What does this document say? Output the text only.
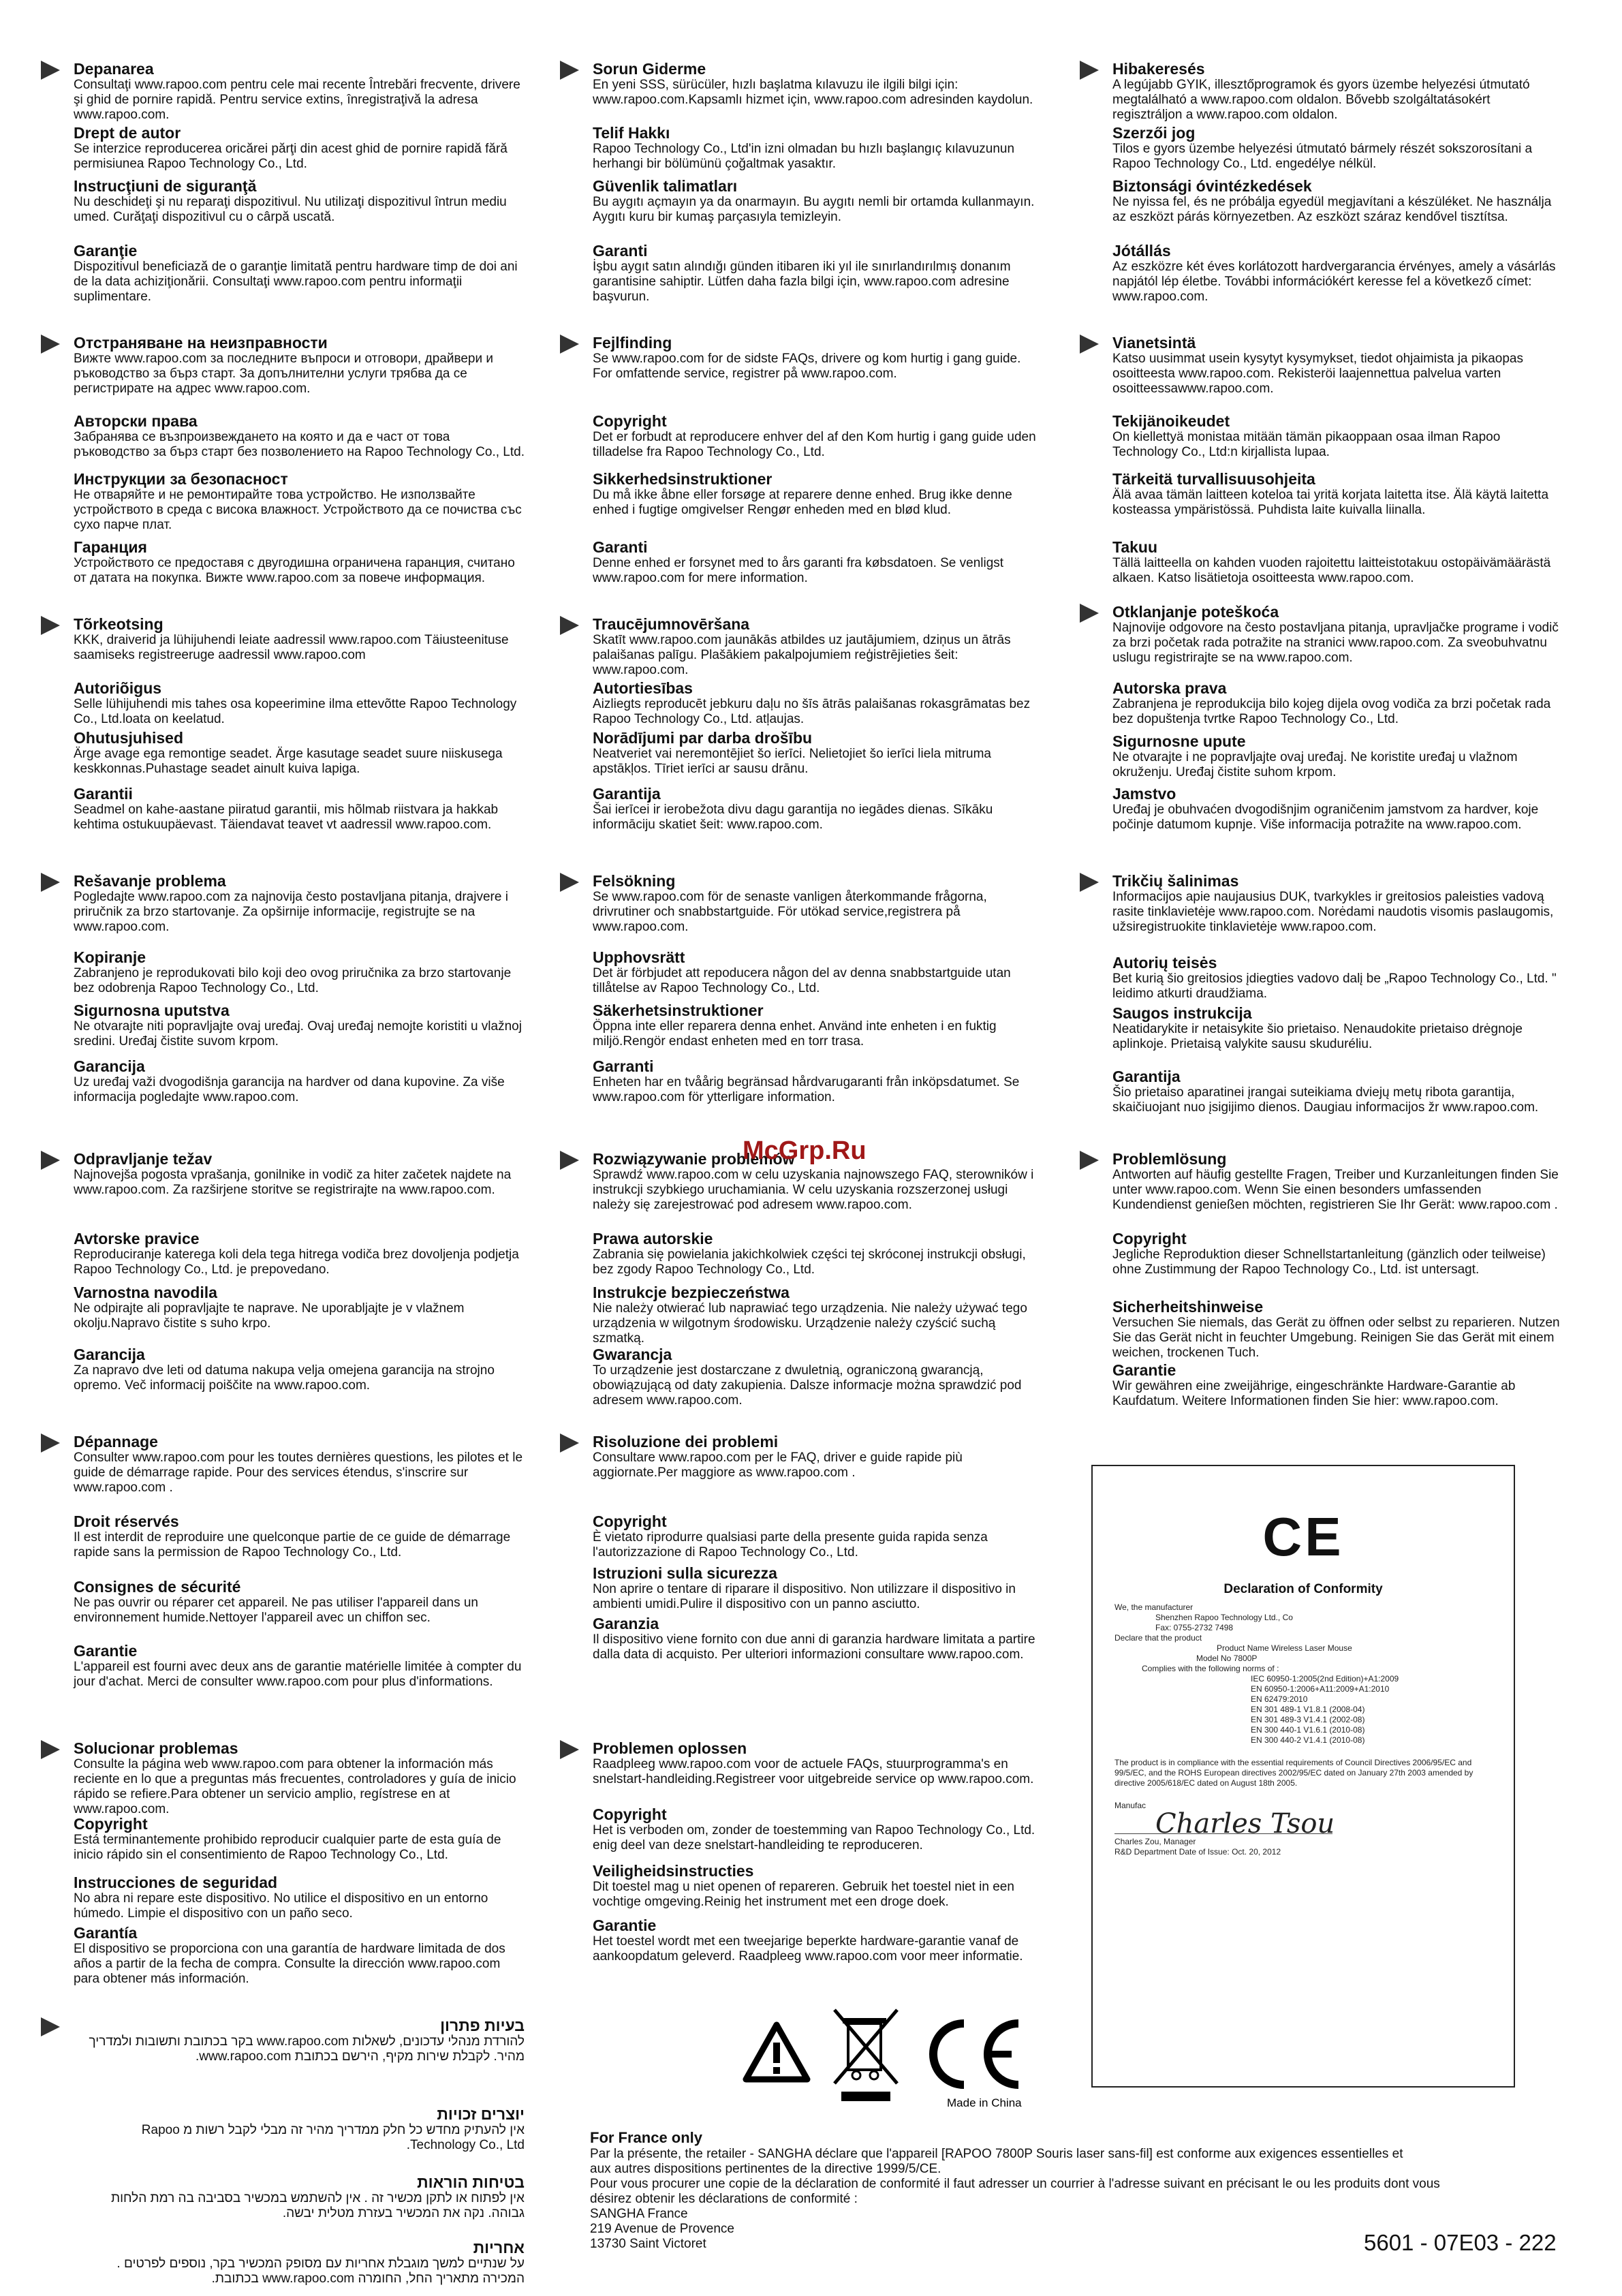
Depanarea

Consultaţi www.rapoo.com pentru cele mai recente Întrebări frecvente, drivere şi ghid de pornire rapidă. Pentru service extins, înregistraţivă la adresa www.rapoo.com.

Drept de autor

Se interzice reproducerea oricărei părţi din acest ghid de pornire rapidă fără permisiunea Rapoo Technology Co., Ltd.

Instrucţiuni de siguranţă

Nu deschideţi şi nu reparaţi dispozitivul. Nu utilizaţi dispozitivul întrun mediu umed. Curăţaţi dispozitivul cu o cârpă uscată.

Garanţie

Dispozitivul beneficiază de o garanţie limitată pentru hardware timp de doi ani de la data achiziţionării. Consultaţi www.rapoo.com pentru informaţii suplimentare.

Отстраняване на неизправности

Вижте www.rapoo.com за последните въпроси и отговори, драйвери и ръководство за бърз старт. За допълнителни услуги трябва да се регистрирате на адрес www.rapoo.com.

Авторски права

Забранява се възпроизвеждането на която и да е част от това ръководство за бърз старт без позволението на Rapoo Technology Co., Ltd.

Инструкции за безопасност

Не отваряйте и не ремонтирайте това устройство. Не използвайте устройството в среда с висока влажност. Устройството да се почиства със сухо парче плат.

Гаранция

Устройството се предоставя с двугодишна ограничена гаранция, считано от датата на покупка. Вижте www.rapoo.com за повече информация.

Tõrkeotsing

KKK, draiverid ja lühijuhendi leiate aadressil www.rapoo.com Täiusteenituse saamiseks registreeruge aadressil www.rapoo.com

Autoriõigus

Selle lühijuhendi mis tahes osa kopeerimine ilma ettevõtte Rapoo Technology Co., Ltd.loata on keelatud.

Ohutusjuhised

Ärge avage ega remontige seadet. Ärge kasutage seadet suure niiskusega keskkonnas.Puhastage seadet ainult kuiva lapiga.

Garantii

Seadmel on kahe-aastane piiratud garantii, mis hõlmab riistvara ja hakkab kehtima ostukuupäevast. Täiendavat teavet vt aadressil www.rapoo.com.

Rešavanje problema

Pogledajte www.rapoo.com za najnovija često postavljana pitanja, drajvere i priručnik za brzo startovanje. Za opširnije informacije, registrujte se na www.rapoo.com.

Kopiranje

Zabranjeno je reprodukovati bilo koji deo ovog priručnika za brzo startovanje bez odobrenja Rapoo Technology Co., Ltd.

Sigurnosna uputstva

Ne otvarajte niti popravljajte ovaj uređaj. Ovaj uređaj nemojte koristiti u vlažnoj sredini. Uređaj čistite suvom krpom.

Garancija

Uz uređaj važi dvogodišnja garancija na hardver od dana kupovine. Za više informacija pogledajte www.rapoo.com.

Odpravljanje težav

Najnovejša pogosta vprašanja, gonilnike in vodič za hiter začetek najdete na www.rapoo.com. Za razširjene storitve se registrirajte na www.rapoo.com.

Avtorske pravice

Reproduciranje katerega koli dela tega hitrega vodiča brez dovoljenja podjetja Rapoo Technology Co., Ltd. je prepovedano.

Varnostna navodila

Ne odpirajte ali popravljajte te naprave. Ne uporabljajte je v vlažnem okolju.Napravo čistite s suho krpo.

Garancija

Za napravo dve leti od datuma nakupa velja omejena garancija na strojno opremo. Več informacij poiščite na www.rapoo.com.

Dépannage

Consulter www.rapoo.com pour les toutes dernières questions, les pilotes et le guide de démarrage rapide. Pour des services étendus, s'inscrire sur www.rapoo.com .

Droit réservés

Il est interdit de reproduire une quelconque partie de ce guide de démarrage rapide sans la permission de Rapoo Technology Co., Ltd.

Consignes de sécurité

Ne pas ouvrir ou réparer cet appareil. Ne pas utiliser l'appareil dans un environnement humide.Nettoyer l'appareil avec un chiffon sec.

Garantie

L'appareil est fourni avec deux ans de garantie matérielle limitée à compter du jour d'achat. Merci de consulter www.rapoo.com pour plus d'informations.

Solucionar problemas

Consulte la página web www.rapoo.com para obtener la información más reciente en lo que a preguntas más frecuentes, controladores y guía de inicio rápido se refiere.Para obtener un servicio amplio, regístrese en at www.rapoo.com.

Copyright

Está terminantemente prohibido reproducir cualquier parte de esta guía de inicio rápido sin el consentimiento de Rapoo Technology Co., Ltd.

Instrucciones de seguridad

No abra ni repare este dispositivo. No utilice el dispositivo en un entorno húmedo. Limpie el dispositivo con un paño seco.

Garantía

El dispositivo se proporciona con una garantía de hardware limitada de dos años a partir de la fecha de compra. Consulte la dirección www.rapoo.com para obtener más información.

בעיות פתרון

להורדת מנהלי עדכונים, לשאלות www.rapoo.com בקר בכתובת ותשובות ולמדריך מהיר. לקבלת שירות מקיף, הירשם בכתובת www.rapoo.com.

יוצרים זכויות

אין להעתיק מחדש כל חלק ממדריך מהיר זה מבלי לקבל רשות מ Rapoo Technology Co., Ltd.

בטיחות הוראות

אין לפתוח או לתקן מכשיר זה . אין להשתמש במכשיר בסביבה בה רמת הלחות גבוהה. נקה את המכשיר בעזרת מטלית יבשה.

אחריות

על שנתיים למשך מוגבלת אחריות עם מסופק המכשיר בקר, נוספים לפרטים . המכירה מתאריך החל, החומרה www.rapoo.com בכתובת.

Sorun Giderme

En yeni SSS, sürücüler, hızlı başlatma kılavuzu ile ilgili bilgi için: www.rapoo.com.Kapsamlı hizmet için, www.rapoo.com adresinden kaydolun.

Telif Hakkı

Rapoo Technology Co., Ltd'in izni olmadan bu hızlı başlangıç kılavuzunun herhangi bir bölümünü çoğaltmak yasaktır.

Güvenlik talimatları

Bu aygıtı açmayın ya da onarmayın. Bu aygıtı nemli bir ortamda kullanmayın. Aygıtı kuru bir kumaş parçasıyla temizleyin.

Garanti

İşbu aygıt satın alındığı günden itibaren iki yıl ile sınırlandırılmış donanım garantisine sahiptir. Lütfen daha fazla bilgi için, www.rapoo.com adresine başvurun.

Fejlfinding

Se www.rapoo.com for de sidste FAQs, drivere og kom hurtig i gang guide. For omfattende service, registrer på www.rapoo.com.

Copyright

Det er forbudt at reproducere enhver del af den Kom hurtig i gang guide uden tilladelse fra Rapoo Technology Co., Ltd.

Sikkerhedsinstruktioner

Du må ikke åbne eller forsøge at reparere denne enhed. Brug ikke denne enhed i fugtige omgivelser Rengør enheden med en blød klud.

Garanti

Denne enhed er forsynet med to års garanti fra købsdatoen. Se venligst www.rapoo.com for mere information.

Traucējumnovēršana

Skatīt www.rapoo.com jaunākās atbildes uz jautājumiem, dziņus un ātrās palaišanas palīgu. Plašākiem pakalpojumiem reģistrējieties šeit: www.rapoo.com.

Autortiesības

Aizliegts reproducēt jebkuru daļu no šīs ātrās palaišanas rokasgrāmatas bez Rapoo Technology Co., Ltd. atļaujas.

Norādījumi par darba drošību

Neatveriet vai neremontējiet šo ierīci. Nelietojiet šo ierīci liela mitruma apstākļos. Tīriet ierīci ar sausu drānu.

Garantija

Šai ierīcei ir ierobežota divu dagu garantija no iegādes dienas. Sīkāku informāciju skatiet šeit: www.rapoo.com.

Felsökning

Se www.rapoo.com för de senaste vanligen återkommande frågorna, drivrutiner och snabbstartguide. För utökad service,registrera på www.rapoo.com.

Upphovsrätt

Det är förbjudet att repoducera någon del av denna snabbstartguide utan tillåtelse av Rapoo Technology Co., Ltd.

Säkerhetsinstruktioner

Öppna inte eller reparera denna enhet. Använd inte enheten i en fuktig miljö.Rengör endast enheten med en torr trasa.

Garranti

Enheten har en tvåårig begränsad hårdvarugaranti från inköpsdatumet. Se www.rapoo.com för ytterligare information.

Rozwiązywanie problemów

Sprawdź www.rapoo.com w celu uzyskania najnowszego FAQ, sterowników i instrukcji szybkiego uruchamiania. W celu uzyskania rozszerzonej usługi należy się zarejestrować pod adresem www.rapoo.com.

Prawa autorskie

Zabrania się powielania jakichkolwiek części tej skróconej instrukcji obsługi, bez zgody Rapoo Technology Co., Ltd.

Instrukcje bezpieczeństwa

Nie należy otwierać lub naprawiać tego urządzenia. Nie należy używać tego urządzenia w wilgotnym środowisku. Urządzenie należy czyścić suchą szmatką.

Gwarancja

To urządzenie jest dostarczane z dwuletnią, ograniczoną gwarancją, obowiązującą od daty zakupienia. Dalsze informacje można sprawdzić pod adresem www.rapoo.com.

Risoluzione dei problemi

Consultare www.rapoo.com per le FAQ, driver e guide rapide più aggiornate.Per maggiore as www.rapoo.com .

Copyright

È vietato riprodurre qualsiasi parte della presente guida rapida senza l'autorizzazione di Rapoo Technology Co., Ltd.

Istruzioni sulla sicurezza

Non aprire o tentare di riparare il dispositivo. Non utilizzare il dispositivo in ambienti umidi.Pulire il dispositivo con un panno asciutto.

Garanzia

Il dispositivo viene fornito con due anni di garanzia hardware limitata a partire dalla data di acquisto. Per ulteriori informazioni consultare www.rapoo.com.

Problemen oplossen

Raadpleeg www.rapoo.com voor de actuele FAQs, stuurprogramma's en snelstart-handleiding.Registreer voor uitgebreide service op www.rapoo.com.

Copyright

Het is verboden om, zonder de toestemming van Rapoo Technology Co., Ltd. enig deel van deze snelstart-handleiding te reproduceren.

Veiligheidsinstructies

Dit toestel mag u niet openen of repareren. Gebruik het toestel niet in een vochtige omgeving.Reinig het instrument met een droge doek.

Garantie

Het toestel wordt met een tweejarige beperkte hardware-garantie vanaf de aankoopdatum geleverd. Raadpleeg www.rapoo.com voor meer informatie.

Hibakeresés

A legújabb GYIK, illesztőprogramok és gyors üzembe helyezési útmutató megtalálható a www.rapoo.com oldalon. Bővebb szolgáltatásokért regisztráljon a www.rapoo.com oldalon.

Szerzői jog

Tilos e gyors üzembe helyezési útmutató bármely részét sokszorosítani a Rapoo Technology Co., Ltd. engedélye nélkül.

Biztonsági óvintézkedések

Ne nyissa fel, és ne próbálja egyedül megjavítani a készüléket. Ne használja az eszközt párás környezetben. Az eszközt száraz kendővel tisztítsa.

Jótállás

Az eszközre két éves korlátozott hardvergarancia érvényes, amely a vásárlás napjától lép életbe. További információkért keresse fel a következő címet: www.rapoo.com.

Vianetsintä

Katso uusimmat usein kysytyt kysymykset, tiedot ohjaimista ja pikaopas osoitteesta www.rapoo.com. Rekisteröi laajennettua palvelua varten osoitteessawww.rapoo.com.

Tekijänoikeudet

On kiellettyä monistaa mitään tämän pikaoppaan osaa ilman Rapoo Technology Co., Ltd:n kirjallista lupaa.

Tärkeitä turvallisuusohjeita

Älä avaa tämän laitteen koteloa tai yritä korjata laitetta itse. Älä käytä laitetta kosteassa ympäristössä. Puhdista laite kuivalla liinalla.

Takuu

Tällä laitteella on kahden vuoden rajoitettu laitteistotakuu ostopäivämäärästä alkaen. Katso lisätietoja osoitteesta www.rapoo.com.

Otklanjanje poteškoća

Najnovije odgovore na često postavljana pitanja, upravljačke programe i vodič za brzi početak rada potražite na stranici www.rapoo.com. Za sveobuhvatnu uslugu registrirajte se na www.rapoo.com.

Autorska prava

Zabranjena je reprodukcija bilo kojeg dijela ovog vodiča za brzi početak rada bez dopuštenja tvrtke Rapoo Technology Co., Ltd.

Sigurnosne upute

Ne otvarajte i ne popravljajte ovaj uređaj. Ne koristite uređaj u vlažnom okruženju. Uređaj čistite suhom krpom.

Jamstvo

Uređaj je obuhvaćen dvogodišnjim ograničenim jamstvom za hardver, koje počinje datumom kupnje. Više informacija potražite na www.rapoo.com.

Trikčių šalinimas

Informacijos apie naujausius DUK, tvarkykles ir greitosios paleisties vadovą rasite tinklavietėje www.rapoo.com. Norėdami naudotis visomis paslaugomis, užsiregistruokite tinklavietėje www.rapoo.com.

Autorių teisės

Bet kurią šio greitosios įdiegties vadovo dalį be „Rapoo Technology Co., Ltd. " leidimo atkurti draudžiama.

Saugos instrukcija

Neatidarykite ir netaisykite šio prietaiso. Nenaudokite prietaiso drėgnoje aplinkoje. Prietaisą valykite sausu skuduréliu.

Garantija

Šio prietaiso aparatinei įrangai suteikiama dviejų metų ribota garantija, skaičiuojant nuo įsigijimo dienos. Daugiau informacijos žr www.rapoo.com.

Problemlösung

Antworten auf häufig gestellte Fragen, Treiber und Kurzanleitungen finden Sie unter www.rapoo.com. Wenn Sie einen besonders umfassenden Kundendienst genießen möchten, registrieren Sie Ihr Gerät: www.rapoo.com .

Copyright

Jegliche Reproduktion dieser Schnellstartanleitung (gänzlich oder teilweise) ohne Zustimmung der Rapoo Technology Co., Ltd. ist untersagt.

Sicherheitshinweise

Versuchen Sie niemals, das Gerät zu öffnen oder selbst zu reparieren. Nutzen Sie das Gerät nicht in feuchter Umgebung. Reinigen Sie das Gerät mit einem weichen, trockenen Tuch.

Garantie

Wir gewähren eine zweijährige, eingeschränkte Hardware-Garantie ab Kaufdatum. Weitere Informationen finden Sie hier: www.rapoo.com.

McGrp.Ru
CE
Declaration of Conformity

We, the manufacturer

Shenzhen Rapoo Technology Ltd., Co

Fax: 0755-2732 7498

Declare that the product

Product Name Wireless Laser Mouse

Model No 7800P

Complies with the following norms of :

IEC 60950-1:2005(2nd Edition)+A1:2009

EN 60950-1:2006+A11:2009+A1:2010

EN 62479:2010

EN 301 489-1 V1.8.1 (2008-04)

EN 301 489-3 V1.4.1 (2002-08)

EN 300 440-1 V1.6.1 (2010-08)

EN 300 440-2 V1.4.1 (2010-08)

The product is in compliance with the essential requirements of Council Directives 2006/95/EC and 99/5/EC, and the ROHS European directives 2002/95/EC dated on January 27th 2003 amended by directive 2005/618/EC dated on August 18th 2005.

Manufac

Charles Tsou

Charles Zou, Manager

R&D Department Date of Issue: Oct. 20, 2012

Made in China

For France only

Par la présente, the retailer - SANGHA déclare que l'appareil [RAPOO 7800P Souris laser sans-fil] est conforme aux exigences essentielles et

aux autres dispositions pertinentes de la directive 1999/5/CE.

Pour vous procurer une copie de la déclaration de conformité il faut adresser un courrier à l'adresse suivant en précisant le ou les produits dont vous

désirez obtenir les déclarations de conformité :

SANGHA France

219 Avenue de Provence

13730 Saint Victoret	5601 - 07E03 - 222
